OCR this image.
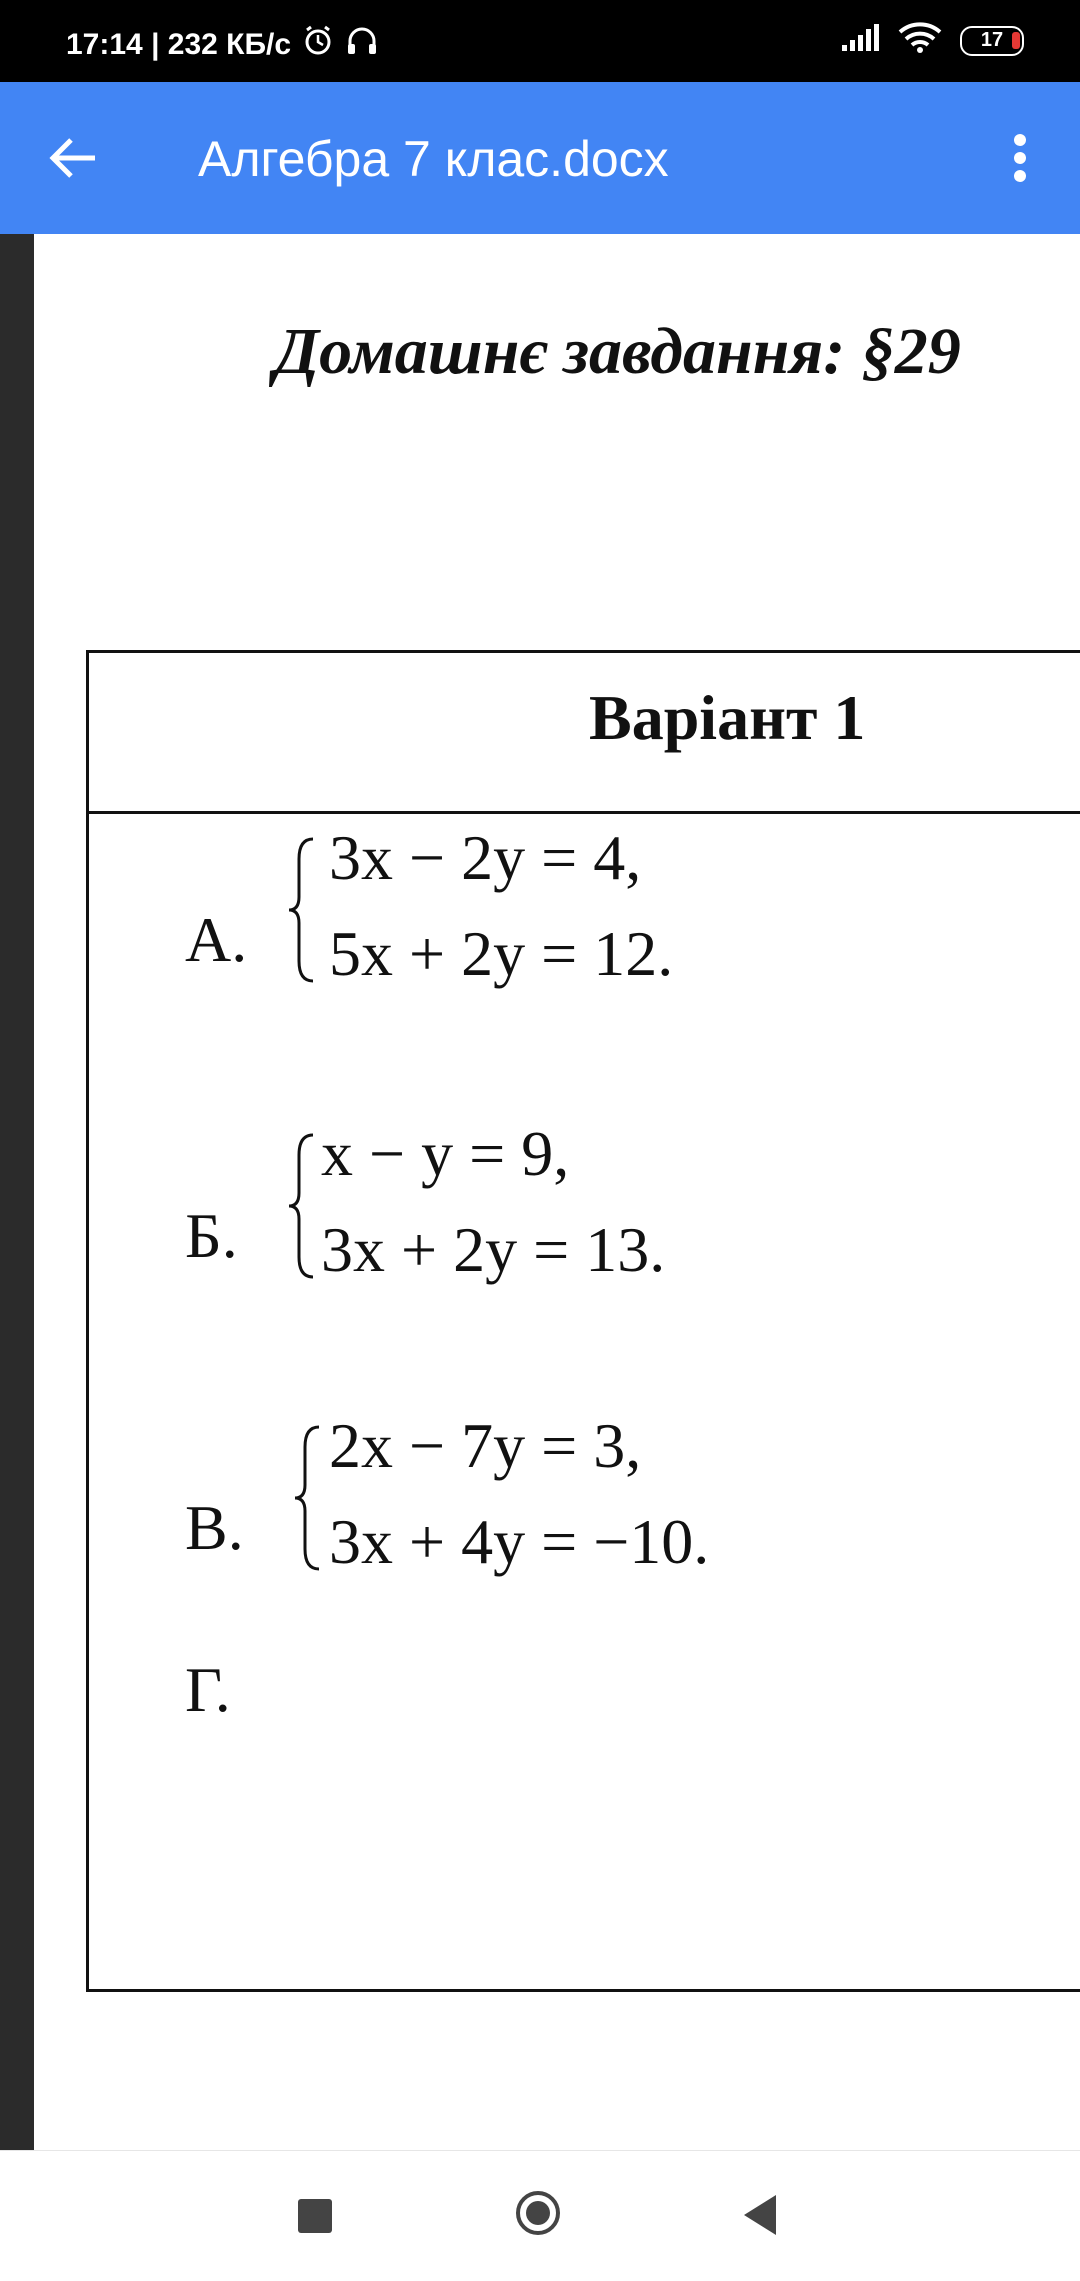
17:14 | 232 КБ/с	17
Алгебра 7 клас.docx
Домашнє завдання: §29
Варіант 1
А.
3x − 2y = 4,
5x + 2y = 12.
Б.
x − y = 9,
3x + 2y = 13.
В.
2x − 7y = 3,
3x + 4y = −10.
Г.
